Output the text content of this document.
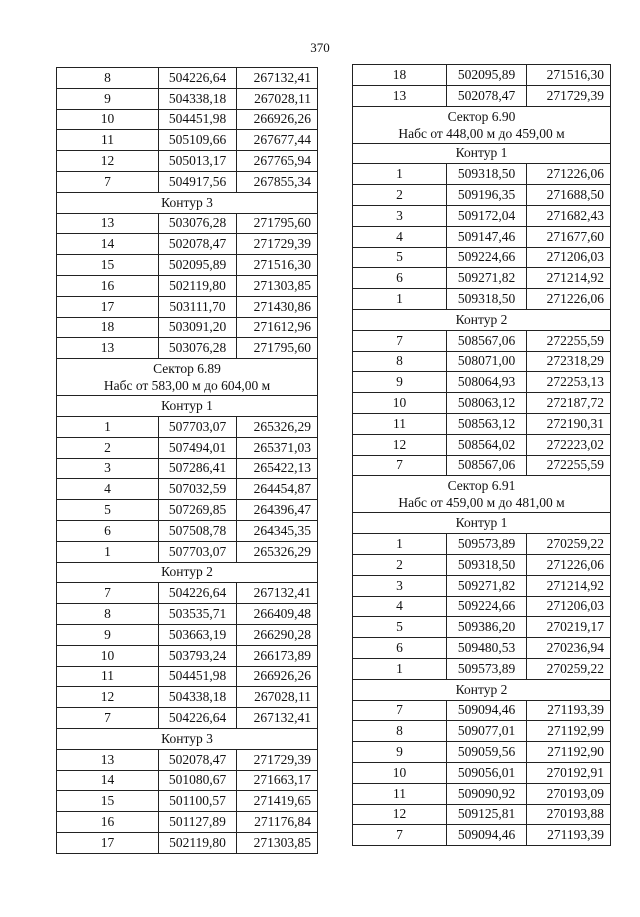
370
8	504226,64	267132,41
9	504338,18	267028,11
10	504451,98	266926,26
11	505109,66	267677,44
12	505013,17	267765,94
7	504917,56	267855,34
Контур 3		
13	503076,28	271795,60
14	502078,47	271729,39
15	502095,89	271516,30
16	502119,80	271303,85
17	503111,70	271430,86
18	503091,20	271612,96
13	503076,28	271795,60

Сектор 6.89
Набс от 583,00 м до 604,00 м		

Контур 1		
1	507703,07	265326,29
2	507494,01	265371,03
3	507286,41	265422,13
4	507032,59	264454,87
5	507269,85	264396,47
6	507508,78	264345,35
1	507703,07	265326,29
Контур 2		
7	504226,64	267132,41
8	503535,71	266409,48
9	503663,19	266290,28
10	503793,24	266173,89
11	504451,98	266926,26
12	504338,18	267028,11
7	504226,64	267132,41
Контур 3		
13	502078,47	271729,39
14	501080,67	271663,17
15	501100,57	271419,65
16	501127,89	271176,84
17	502119,80	271303,85
18	502095,89	271516,30
13	502078,47	271729,39

Сектор 6.90
Набс от 448,00 м до 459,00 м		

Контур 1		
1	509318,50	271226,06
2	509196,35	271688,50
3	509172,04	271682,43
4	509147,46	271677,60
5	509224,66	271206,03
6	509271,82	271214,92
1	509318,50	271226,06
Контур 2		
7	508567,06	272255,59
8	508071,00	272318,29
9	508064,93	272253,13
10	508063,12	272187,72
11	508563,12	272190,31
12	508564,02	272223,02
7	508567,06	272255,59

Сектор 6.91
Набс от 459,00 м до 481,00 м		

Контур 1		
1	509573,89	270259,22
2	509318,50	271226,06
3	509271,82	271214,92
4	509224,66	271206,03
5	509386,20	270219,17
6	509480,53	270236,94
1	509573,89	270259,22
Контур 2		
7	509094,46	271193,39
8	509077,01	271192,99
9	509059,56	271192,90
10	509056,01	270192,91
11	509090,92	270193,09
12	509125,81	270193,88
7	509094,46	271193,39
